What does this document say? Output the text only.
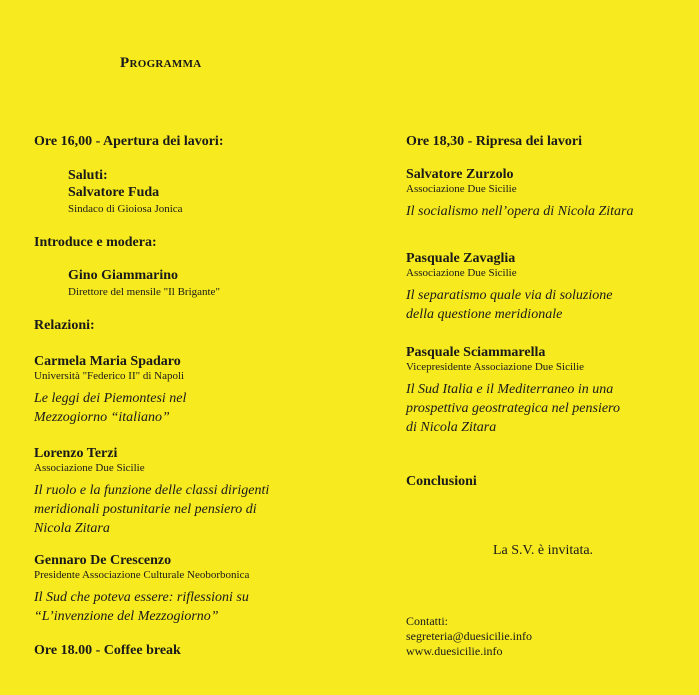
Programma
Ore 16,00 - Apertura dei lavori:
Saluti:
Salvatore Fuda
Sindaco di Gioiosa Jonica
Introduce e modera:
Gino Giammarino
Direttore del mensile "Il Brigante"
Relazioni:
Carmela Maria Spadaro
Università "Federico II" di Napoli
Le leggi dei Piemontesi nel
Mezzogiorno “italiano”
Lorenzo Terzi
Associazione Due Sicilie
Il ruolo e la funzione delle classi dirigenti
meridionali postunitarie nel pensiero di
Nicola Zitara
Gennaro De Crescenzo
Presidente Associazione Culturale Neoborbonica
Il Sud che poteva essere: riflessioni su
“L’invenzione del Mezzogiorno”
Ore 18.00 - Coffee break
Ore 18,30 - Ripresa dei lavori
Salvatore Zurzolo
Associazione Due Sicilie
Il socialismo nell’opera di Nicola Zitara
Pasquale Zavaglia
Associazione Due Sicilie
Il separatismo quale via di soluzione
della questione meridionale
Pasquale Sciammarella
Vicepresidente Associazione Due Sicilie
Il Sud Italia e il Mediterraneo in una
prospettiva geostrategica nel pensiero
di Nicola Zitara
Conclusioni
La S.V. è invitata.
Contatti:
segreteria@duesicilie.info
www.duesicilie.info
